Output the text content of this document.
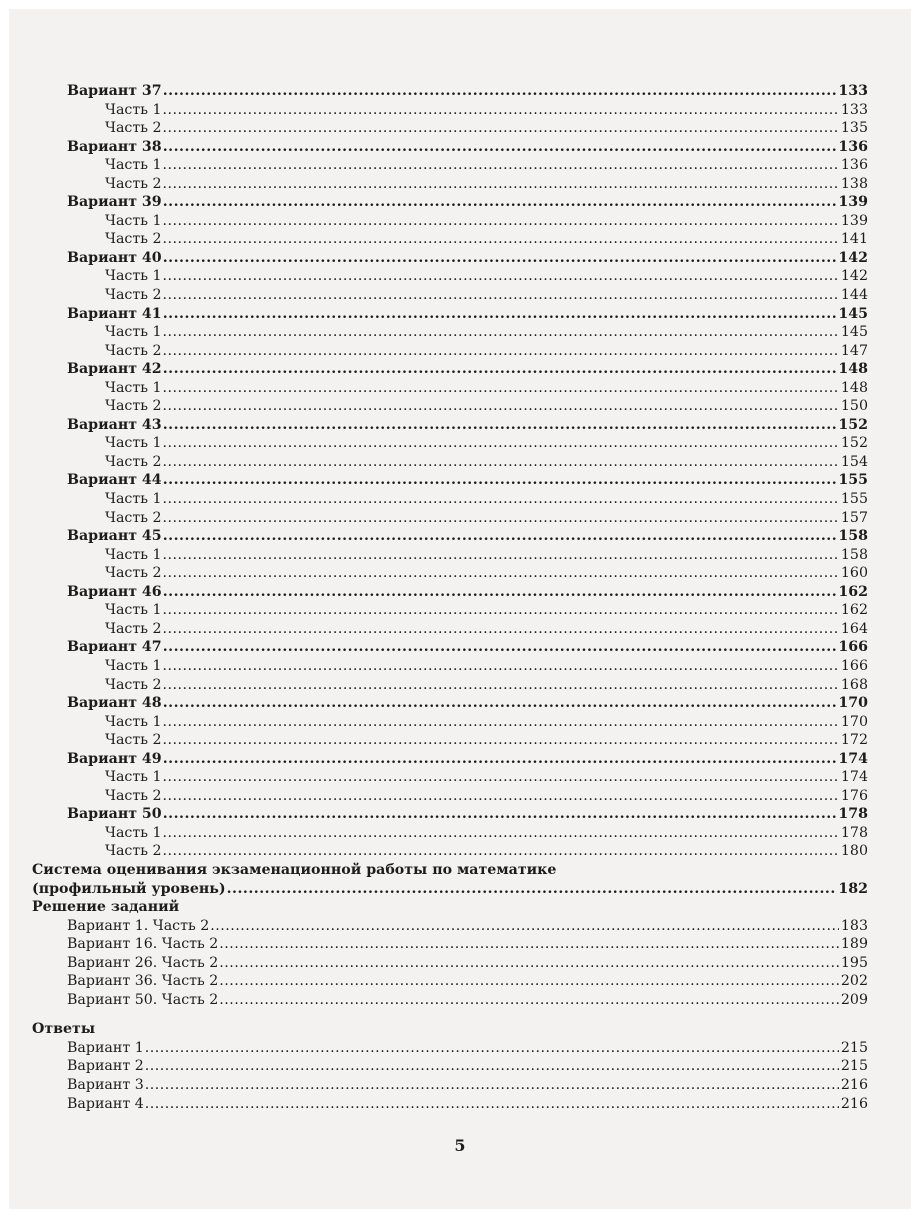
Вариант 37 .....	133
Часть 1 .....	133
Часть 2 .....	135
Вариант 38 .....	136
Часть 1 .....	136
Часть 2 .....	138
Вариант 39 .....	139
Часть 1 .....	139
Часть 2 .....	141
Вариант 40 .....	142
Часть 1 .....	142
Часть 2 .....	144
Вариант 41 .....	145
Часть 1 .....	145
Часть 2 .....	147
Вариант 42 .....	148
Часть 1 .....	148
Часть 2 .....	150
Вариант 43 .....	152
Часть 1 .....	152
Часть 2 .....	154
Вариант 44 .....	155
Часть 1 .....	155
Часть 2 .....	157
Вариант 45 .....	158
Часть 1 .....	158
Часть 2 .....	160
Вариант 46 .....	162
Часть 1 .....	162
Часть 2 .....	164
Вариант 47 .....	166
Часть 1 .....	166
Часть 2 .....	168
Вариант 48 .....	170
Часть 1 .....	170
Часть 2 .....	172
Вариант 49 .....	174
Часть 1 .....	174
Часть 2 .....	176
Вариант 50 .....	178
Часть 1 .....	178
Часть 2 .....	180
Система оценивания экзаменационной работы по математике
(профильный уровень) .....	182
Решение заданий
Вариант 1. Часть 2 .....	183
Вариант 16. Часть 2 .....	189
Вариант 26. Часть 2 .....	195
Вариант 36. Часть 2 .....	202
Вариант 50. Часть 2 .....	209
Ответы
Вариант 1 .....	215
Вариант 2 .....	215
Вариант 3 .....	216
Вариант 4 .....	216
5
